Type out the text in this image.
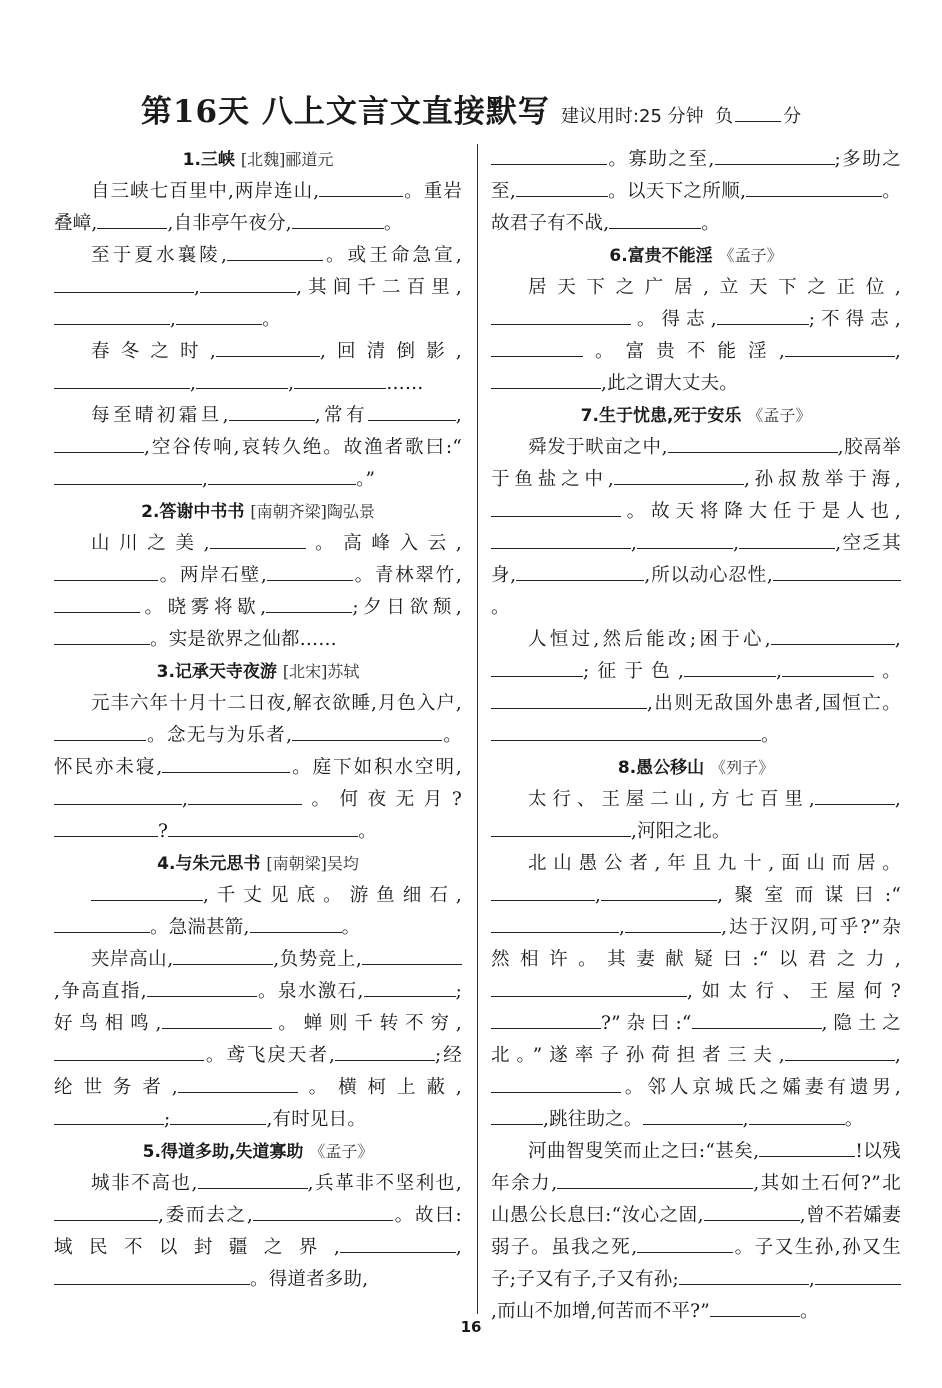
第16天 八上文言文直接默写 建议用时:25 分钟 负	分
1.三峡 [北魏]郦道元

自三峡七百里中,两岸连山,	。重岩叠嶂,	,自非亭午夜分,	。

至于夏水襄陵,	。或王命急宣,,	,其间千二百里,,	。

春冬之时,	,回清倒影,,	,	……

每至晴初霜旦,	,常有	,,空谷传响,哀转久绝。故渔者歌曰:“,	。”

2.答谢中书书 [南朝齐梁]陶弘景

山川之美,	。高峰入云,。两岸石壁,	。青林翠竹,。晓雾将歇,	;夕日欲颓,。实是欲界之仙都……

3.记承天寺夜游 [北宋]苏轼

元丰六年十月十二日夜,解衣欲睡,月色入户,。念无与为乐者,	。怀民亦未寝,	。庭下如积水空明,,	。何夜无月??	。

4.与朱元思书 [南朝梁]吴均

,千丈见底。游鱼细石,。急湍甚箭,	。

夹岸高山,	,负势竞上,,争高直指,	。泉水激石,	;好鸟相鸣,	。蝉则千转不穷,。鸢飞戾天者,	;经纶世务者,	。横柯上蔽,;	,有时见日。

5.得道多助,失道寡助 《孟子》

城非不高也,	,兵革非不坚利也,,委而去之,	。故曰:域民不以封疆之界,	,。得道者多助,

。寡助之至,	;多助之至,	。以天下之所顺,	。故君子有不战,	。

6.富贵不能淫 《孟子》

居天下之广居,立天下之正位,。得志,	;不得志,。富贵不能淫,	,,此之谓大丈夫。

7.生于忧患,死于安乐 《孟子》

舜发于畎亩之中,	,胶鬲举于鱼盐之中,	,孙叔敖举于海,。故天将降大任于是人也,,	,	,空乏其身,	,所以动心忍性,。

人恒过,然后能改;困于心,	,;征于色,	,	。,出则无敌国外患者,国恒亡。。

8.愚公移山 《列子》

太行、王屋二山,方七百里,	,,河阳之北。

北山愚公者,年且九十,面山而居。,	,聚室而谋曰:“,	,达于汉阴,可乎?”杂然相许。其妻献疑曰:“以君之力,,如太行、王屋何??”杂曰:“	,隐土之北。”遂率子孙荷担者三夫,	,。邻人京城氏之孀妻有遗男,,跳往助之。	,	。

河曲智叟笑而止之曰:“甚矣,	!以残年余力,	,其如土石何?”北山愚公长息曰:“汝心之固,	,曾不若孀妻弱子。虽我之死,	。子又生孙,孙又生子;子又有子,子又有孙;	,,而山不加增,何苦而不平?”	。

16
